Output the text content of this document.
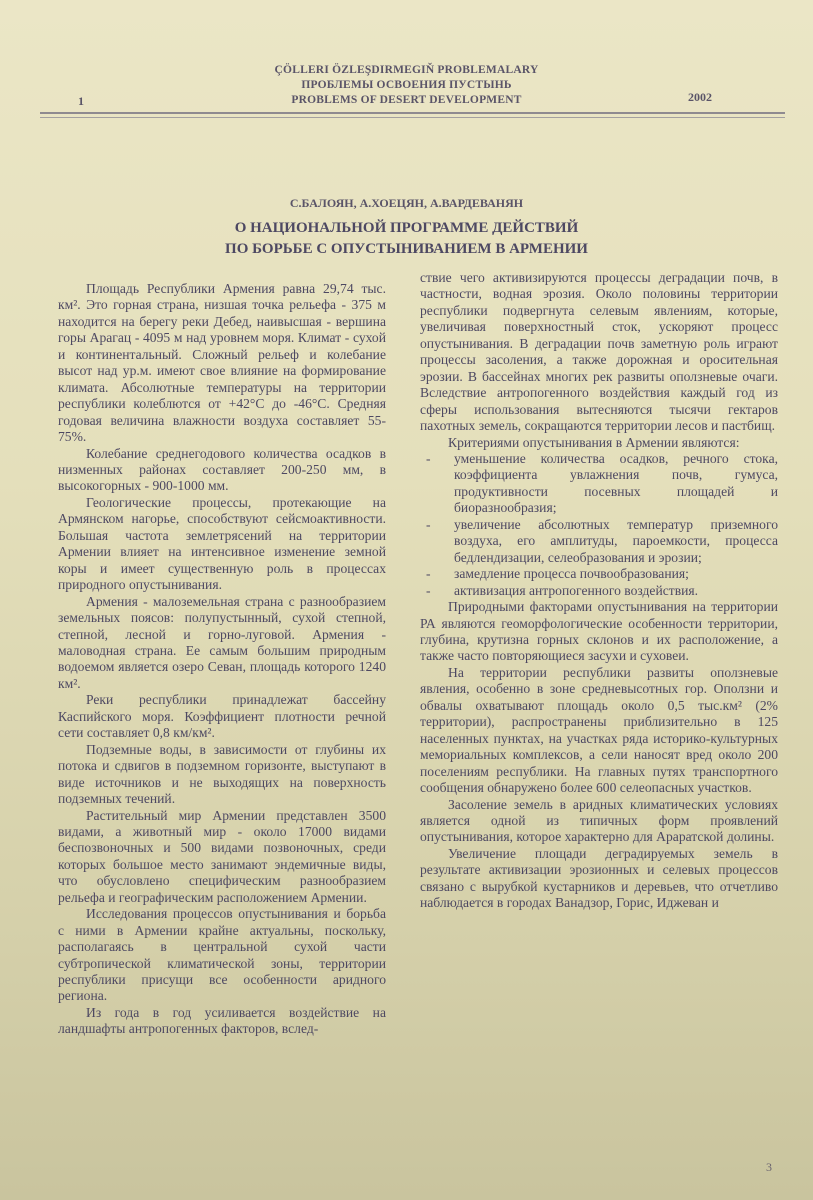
ÇÖLLERI ÖZLEŞDIRMEGIŇ PROBLEMALARY
ПРОБЛЕМЫ ОСВОЕНИЯ ПУСТЫНЬ
PROBLEMS OF DESERT DEVELOPMENT
1	2002
С.БАЛОЯН, А.ХОЕЦЯН, А.ВАРДЕВАНЯН
О НАЦИОНАЛЬНОЙ ПРОГРАММЕ ДЕЙСТВИЙ
ПО БОРЬБЕ С ОПУСТЫНИВАНИЕМ В АРМЕНИИ

Площадь Республики Армения равна 29,74 тыс. км². Это горная страна, низшая точка рельефа - 375 м находится на берегу реки Дебед, наивысшая - вершина горы Арагац - 4095 м над уровнем моря. Климат - сухой и континентальный. Сложный рельеф и колебание высот над ур.м. имеют свое влияние на формирование климата. Абсолютные температуры на территории республики колеблются от +42°С до -46°С. Средняя годовая величина влажности воздуха составляет 55-75%.

Колебание среднегодового количества осадков в низменных районах составляет 200-250 мм, в высокогорных - 900-1000 мм.

Геологические процессы, протекающие на Армянском нагорье, способствуют сейсмоактивности. Большая частота землетрясений на территории Армении влияет на интенсивное изменение земной коры и имеет существенную роль в процессах природного опустынивания.

Армения - малоземельная страна с разнообразием земельных поясов: полупустынный, сухой степной, степной, лесной и горно-луговой. Армения - маловодная страна. Ее самым большим природным водоемом является озеро Севан, площадь которого 1240 км².

Реки республики принадлежат бассейну Каспийского моря. Коэффициент плотности речной сети составляет 0,8 км/км².

Подземные воды, в зависимости от глубины их потока и сдвигов в подземном горизонте, выступают в виде источников и не выходящих на поверхность подземных течений.

Растительный мир Армении представлен 3500 видами, а животный мир - около 17000 видами беспозвоночных и 500 видами позвоночных, среди которых большое место занимают эндемичные виды, что обусловлено специфическим разнообразием рельефа и географическим расположением Армении.

Исследования процессов опустынивания и борьба с ними в Армении крайне актуальны, поскольку, располагаясь в центральной сухой части субтропической климатической зоны, территории республики присущи все особенности аридного региона.

Из года в год усиливается воздействие на ландшафты антропогенных факторов, вслед-

ствие чего активизируются процессы деградации почв, в частности, водная эрозия. Около половины территории республики подвергнута селевым явлениям, которые, увеличивая поверхностный сток, ускоряют процесс опустынивания. В деградации почв заметную роль играют процессы засоления, а также дорожная и оросительная эрозии. В бассейнах многих рек развиты оползневые очаги. Вследствие антропогенного воздействия каждый год из сферы использования вытесняются тысячи гектаров пахотных земель, сокращаются территории лесов и пастбищ.

Критериями опустынивания в Армении являются:

- уменьшение количества осадков, речного стока, коэффициента увлажнения почв, гумуса, продуктивности посевных площадей и биоразнообразия;
- увеличение абсолютных температур приземного воздуха, его амплитуды, пароемкости, процесса бедлендизации, селеобразования и эрозии;
- замедление процесса почвообразования;
- активизация антропогенного воздействия.

Природными факторами опустынивания на территории РА являются геоморфологические особенности территории, глубина, крутизна горных склонов и их расположение, а также часто повторяющиеся засухи и суховеи.

На территории республики развиты оползневые явления, особенно в зоне средневысотных гор. Оползни и обвалы охватывают площадь около 0,5 тыс.км² (2% территории), распространены приблизительно в 125 населенных пунктах, на участках ряда историко-культурных мемориальных комплексов, а сели наносят вред около 200 поселениям республики. На главных путях транспортного сообщения обнаружено более 600 селеопасных участков.

Засоление земель в аридных климатических условиях является одной из типичных форм проявлений опустынивания, которое характерно для Араратской долины.

Увеличение площади деградируемых земель в результате активизации эрозионных и селевых процессов связано с вырубкой кустарников и деревьев, что отчетливо наблюдается в городах Ванадзор, Горис, Иджеван и

3
